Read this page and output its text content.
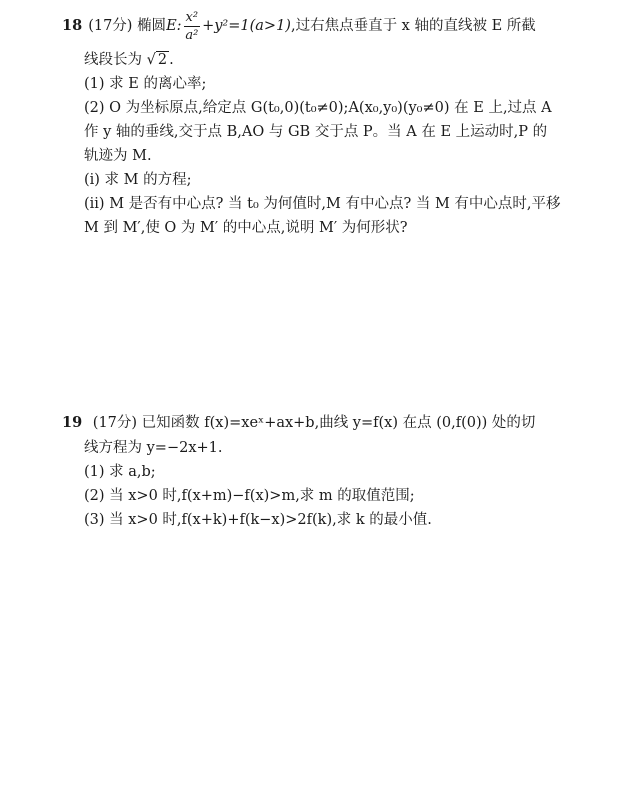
18 (17分)
椭圆 E: $\frac{\text{x²}}{\text{a²}} +y^2=1(a>1)$ ,过右焦点垂直于 x 轴的直线被 E 所截
线段长为 √ 2 .
(1) 求 E 的离心率;
(2) O 为坐标原点,给定点 G(t₀,0)(t₀≠0);A(x₀,y₀)(y₀≠0) 在 E 上,过点 A
作 y 轴的垂线,交于点 B,AO 与 GB 交于点 P。当 A 在 E 上运动时,P 的
轨迹为 M.
(i) 求 M 的方程;
(ii) M 是否有中心点? 当 t₀ 为何值时,M 有中心点? 当 M 有中心点时,平移
M 到 M′,使 O 为 M′ 的中心点,说明 M′ 为何形状?
19 (17分) 已知函数 f(x)=xeˣ+ax+b,曲线 y=f(x) 在点 (0,f(0)) 处的切
线方程为 y=−2x+1.
(1) 求 a,b;
(2) 当 x>0 时,f(x+m)−f(x)>m,求 m 的取值范围;
(3) 当 x>0 时,f(x+k)+f(k−x)>2f(k),求 k 的最小值.
